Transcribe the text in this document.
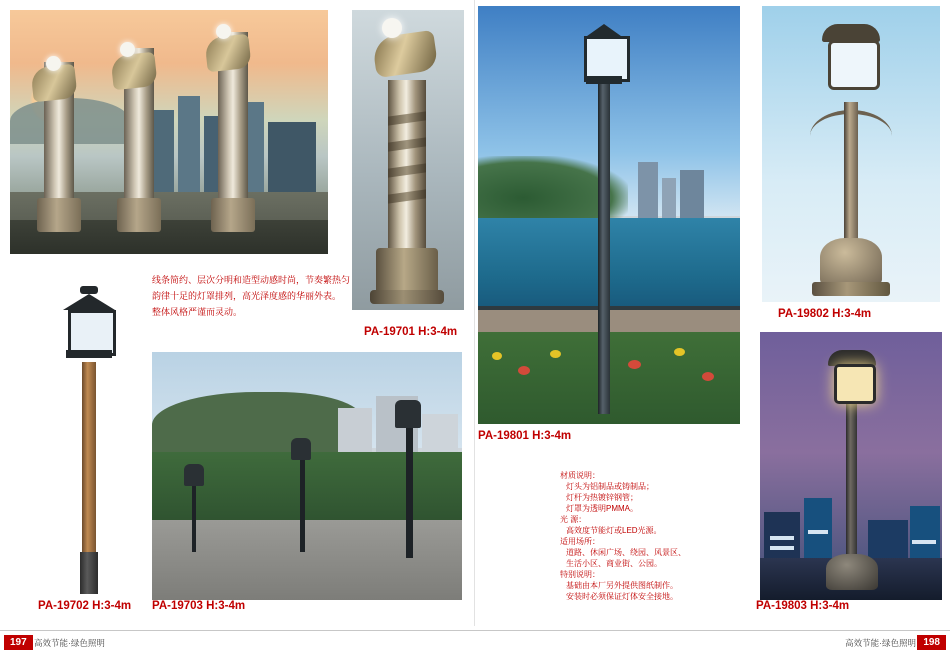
线条简约、层次分明和造型动感时尚，节奏繁热匀
韵律十足的灯罩排列，高光泽度感的华丽外表。
整体风格严谨而灵动。
PA-19701 H:3-4m
PA-19801 H:3-4m
PA-19802 H:3-4m
PA-19702 H:3-4m PA-19703 H:3-4m	PA-19803 H:3-4m
材质说明：
灯头为铝制品或铸制品；
灯杆为热镀锌钢管；
灯罩为透明PMMA。
光 源：
高效度节能灯或LED光源。
适用场所：
道路、休闲广场、绕园、风景区、
生活小区、商业街、公园。
特别说明：
基础由本厂另外提供图纸制作。
安装时必须保证灯体安全接地。
197 高效节能·绿色照明	198
高效节能·绿色照明
